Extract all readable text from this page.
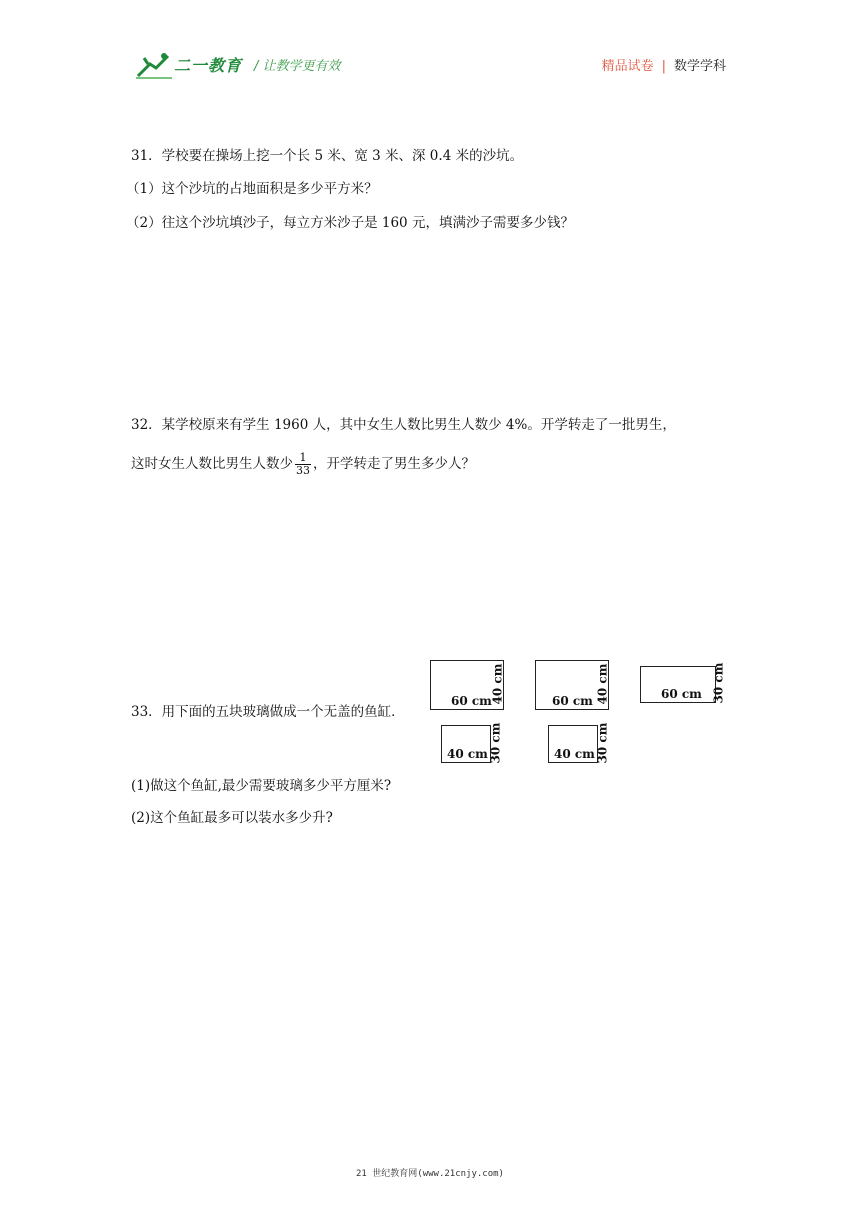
二一教育 / 让教学更有效	精品试卷 | 数学学科
31．学校要在操场上挖一个长 5 米、宽 3 米、深 0.4 米的沙坑。
（1）这个沙坑的占地面积是多少平方米？
（2）往这个沙坑填沙子，每立方米沙子是 160 元，填满沙子需要多少钱？
32．某学校原来有学生 1960 人，其中女生人数比男生人数少 4%。开学转走了一批男生，
这时女生人数比男生人数少 $\frac{1}{33}$ ，开学转走了男生多少人？
33．用下面的五块玻璃做成一个无盖的鱼缸．
60 cm
40 cm	60 cm 40 cm	60 cm 30 cm
40 cm 30 cm	40 cm 30 cm
(1)做这个鱼缸,最少需要玻璃多少平方厘米?
(2)这个鱼缸最多可以装水多少升?
21 世纪教育网(www.21cnjy.com)
